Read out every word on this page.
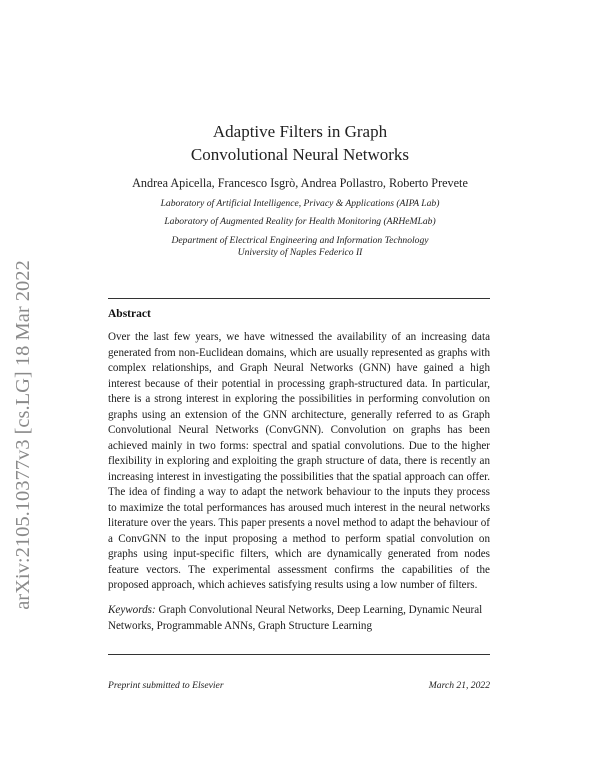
arXiv:2105.10377v3 [cs.LG] 18 Mar 2022
Adaptive Filters in Graph
Convolutional Neural Networks
Andrea Apicella, Francesco Isgrò, Andrea Pollastro, Roberto Prevete
Laboratory of Artificial Intelligence, Privacy & Applications (AIPA Lab)
Laboratory of Augmented Reality for Health Monitoring (ARHeMLab)
Department of Electrical Engineering and Information Technology
University of Naples Federico II
Abstract
Over the last few years, we have witnessed the availability of an increasing data generated from non-Euclidean domains, which are usually represented as graphs with complex relationships, and Graph Neural Networks (GNN) have gained a high interest because of their potential in processing graph-structured data. In particular, there is a strong interest in exploring the possibilities in performing convolution on graphs using an extension of the GNN architecture, generally referred to as Graph Convolutional Neural Networks (ConvGNN). Convolution on graphs has been achieved mainly in two forms: spectral and spatial convolutions. Due to the higher flexibility in exploring and exploiting the graph structure of data, there is recently an increasing interest in investigating the possibilities that the spatial approach can offer. The idea of finding a way to adapt the network behaviour to the inputs they process to maximize the total performances has aroused much interest in the neural networks literature over the years. This paper presents a novel method to adapt the behaviour of a ConvGNN to the input proposing a method to perform spatial convolution on graphs using input-specific filters, which are dynamically generated from nodes feature vectors. The experimental assessment confirms the capabilities of the proposed approach, which achieves satisfying results using a low number of filters.
Keywords: Graph Convolutional Neural Networks, Deep Learning, Dynamic Neural Networks, Programmable ANNs, Graph Structure Learning
Preprint submitted to Elsevier	March 21, 2022
